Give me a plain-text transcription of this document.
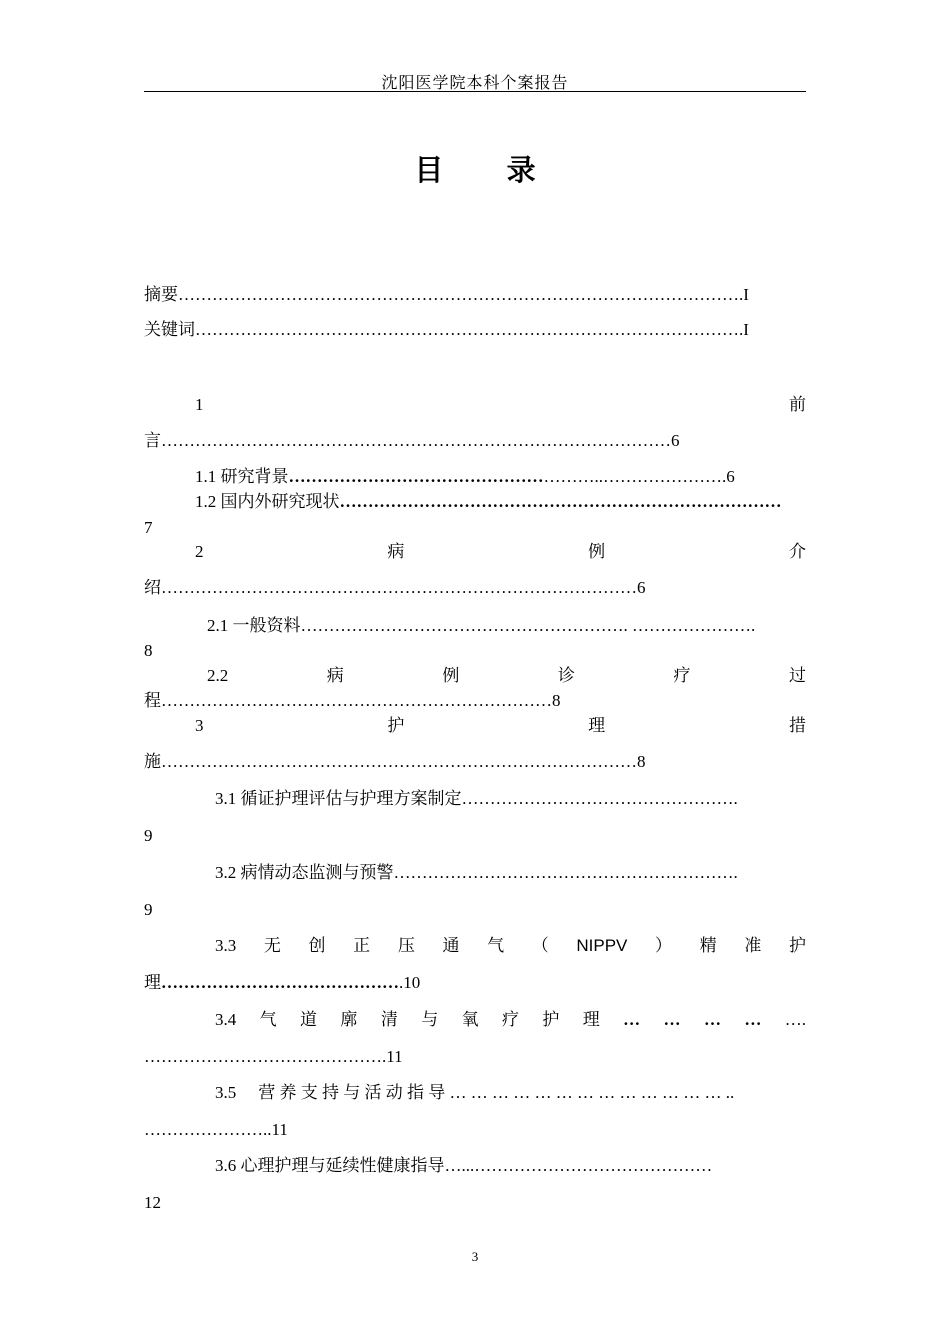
沈阳医学院本科个案报告
目 录
摘要……………………………………………………………………………………….I
关键词…………………………………………………………………………………….I
1	前
言………………………………………………………………………………6
1.1 研究背景………………………………………………..………………….6
1.2 国内外研究现状……………………………………………………………………
7
2	病	例	介
绍…………………………………………………………………………6
2.1 一般资料…………………………………………………. ………………….
8
2.2	病	例	诊	疗	过
程……………………………………………………………8
3	护	理	措
施…………………………………………………………………………8
3.1 循证护理评估与护理方案制定………………………………………….
9
3.2 病情动态监测与预警…………………………………………………….
9
3.3 无 创 正 压 通 气 （ NIPPV ） 精 准 护
理…………………………………….10
3.4 气 道 廓 清 与 氧 疗 护 理 … … … … ….
…………………………………….11
3.5 营 养 支 持 与 活 动 指 导 … … … … … … … … … … … … … ..
…………………..11
3.6 心理护理与延续性健康指导…...……………………………………
12
3
